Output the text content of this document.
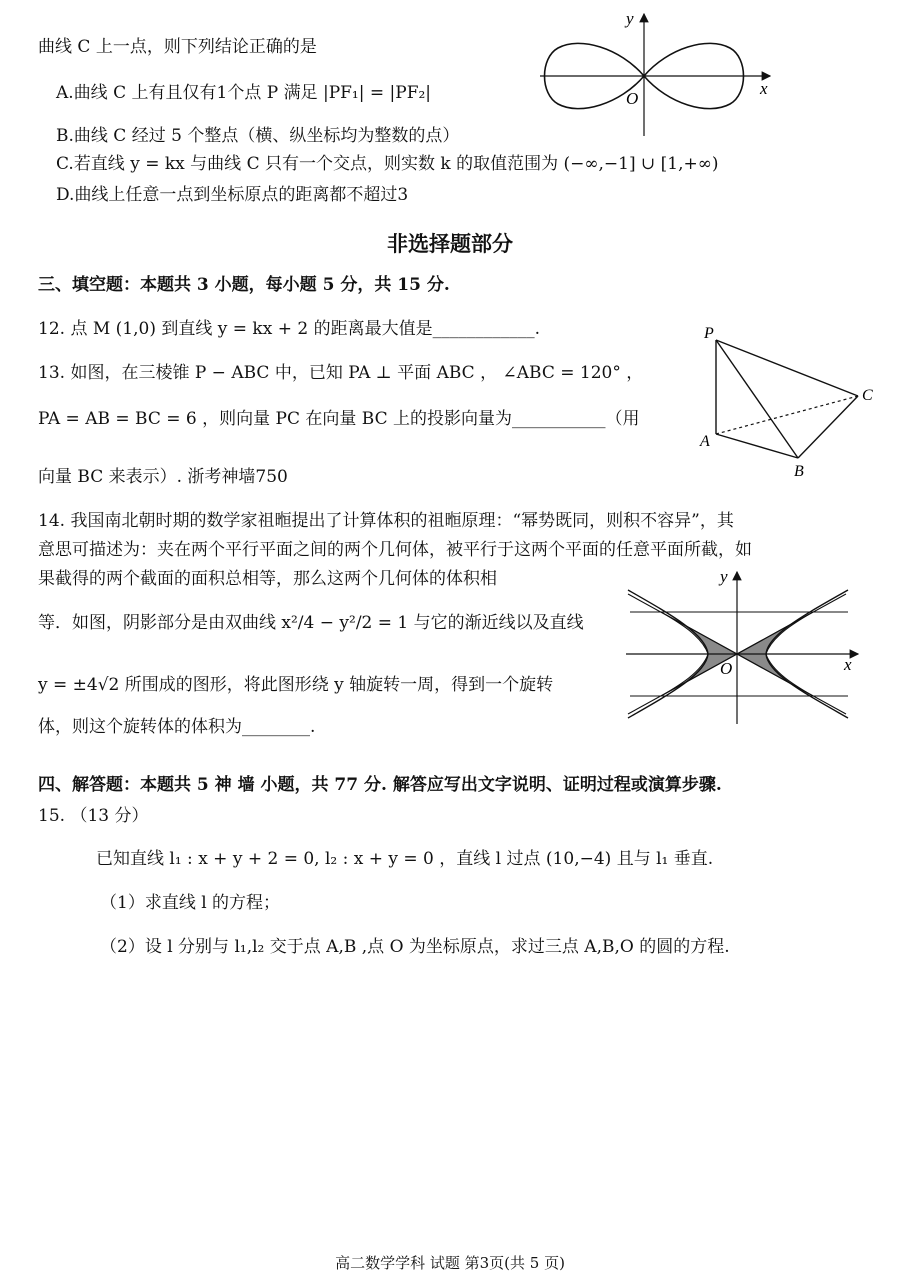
曲线 C 上一点，则下列结论正确的是
A.曲线 C 上有且仅有1个点 P 满足 |PF₁| = |PF₂|
B.曲线 C 经过 5 个整点（横、纵坐标均为整数的点）
C.若直线 y = kx 与曲线 C 只有一个交点，则实数 k 的取值范围为 (−∞,−1] ∪ [1,+∞)
D.曲线上任意一点到坐标原点的距离都不超过3
x
y
O
非选择题部分
三、填空题：本题共 3 小题，每小题 5 分，共 15 分.
12. 点 M (1,0) 到直线 y = kx + 2 的距离最大值是____________.
13. 如图，在三棱锥 P − ABC 中，已知 PA ⊥ 平面 ABC ， ∠ABC = 120° ，
PA = AB = BC = 6 ，则向量 PC 在向量 BC 上的投影向量为___________（用
向量 BC 来表示）. 浙考神墙750
P
A
B
C
14. 我国南北朝时期的数学家祖暅提出了计算体积的祖暅原理：“幂势既同，则积不容异”，其
意思可描述为：夹在两个平行平面之间的两个几何体，被平行于这两个平面的任意平面所截，如
果截得的两个截面的面积总相等，那么这两个几何体的体积相
等．如图，阴影部分是由双曲线 x²/4 − y²/2 = 1 与它的渐近线以及直线
y = ±4√2 所围成的图形，将此图形绕 y 轴旋转一周，得到一个旋转
体，则这个旋转体的体积为________.
x
y
O
四、解答题：本题共 5 神 墙 小题，共 77 分. 解答应写出文字说明、证明过程或演算步骤.
15. （13 分）
已知直线 l₁ : x + y + 2 = 0, l₂ : x + y = 0 ，直线 l 过点 (10,−4) 且与 l₁ 垂直.
（1）求直线 l 的方程；
（2）设 l 分别与 l₁,l₂ 交于点 A,B ,点 O 为坐标原点，求过三点 A,B,O 的圆的方程.
高二数学学科 试题 第3页(共 5 页)
